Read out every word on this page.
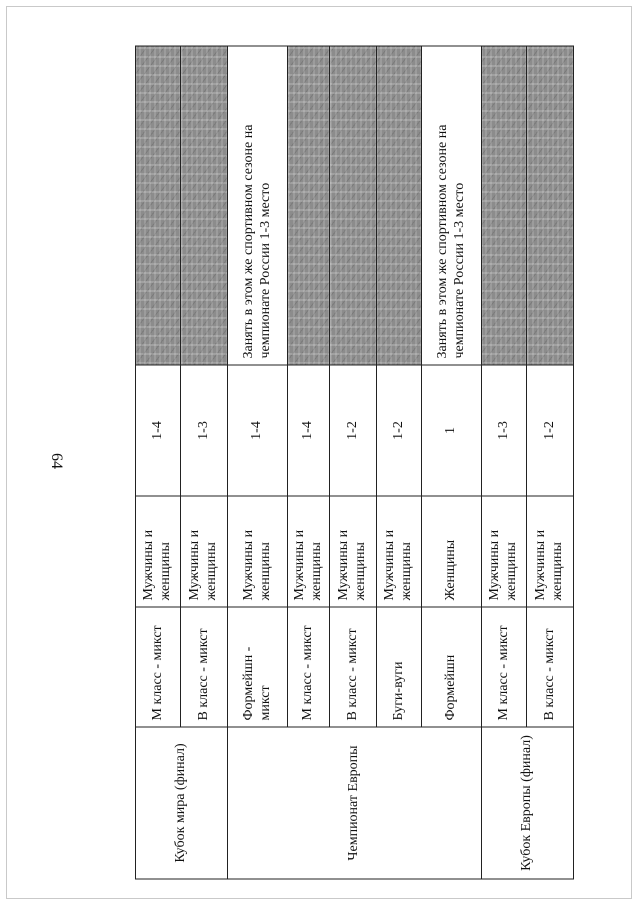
64
Кубок мира (финал)	М класс - микст	Мужчины и женщины	1-4	
	В класс - микст	Мужчины и женщины	1-3	
Чемпионат Европы	Формейшн - микст	Мужчины и женщины	1-4	Занять в этом же спортивном сезоне на чемпионате России 1-3 место
	М класс - микст	Мужчины и женщины	1-4	
	В класс - микст	Мужчины и женщины	1-2	
	Буги-вуги	Мужчины и женщины	1-2	
	Формейшн	Женщины	1	Занять в этом же спортивном сезоне на чемпионате России 1-3 место
Кубок Европы (финал)	М класс - микст	Мужчины и женщины	1-3	
	В класс - микст	Мужчины и женщины	1-2	
